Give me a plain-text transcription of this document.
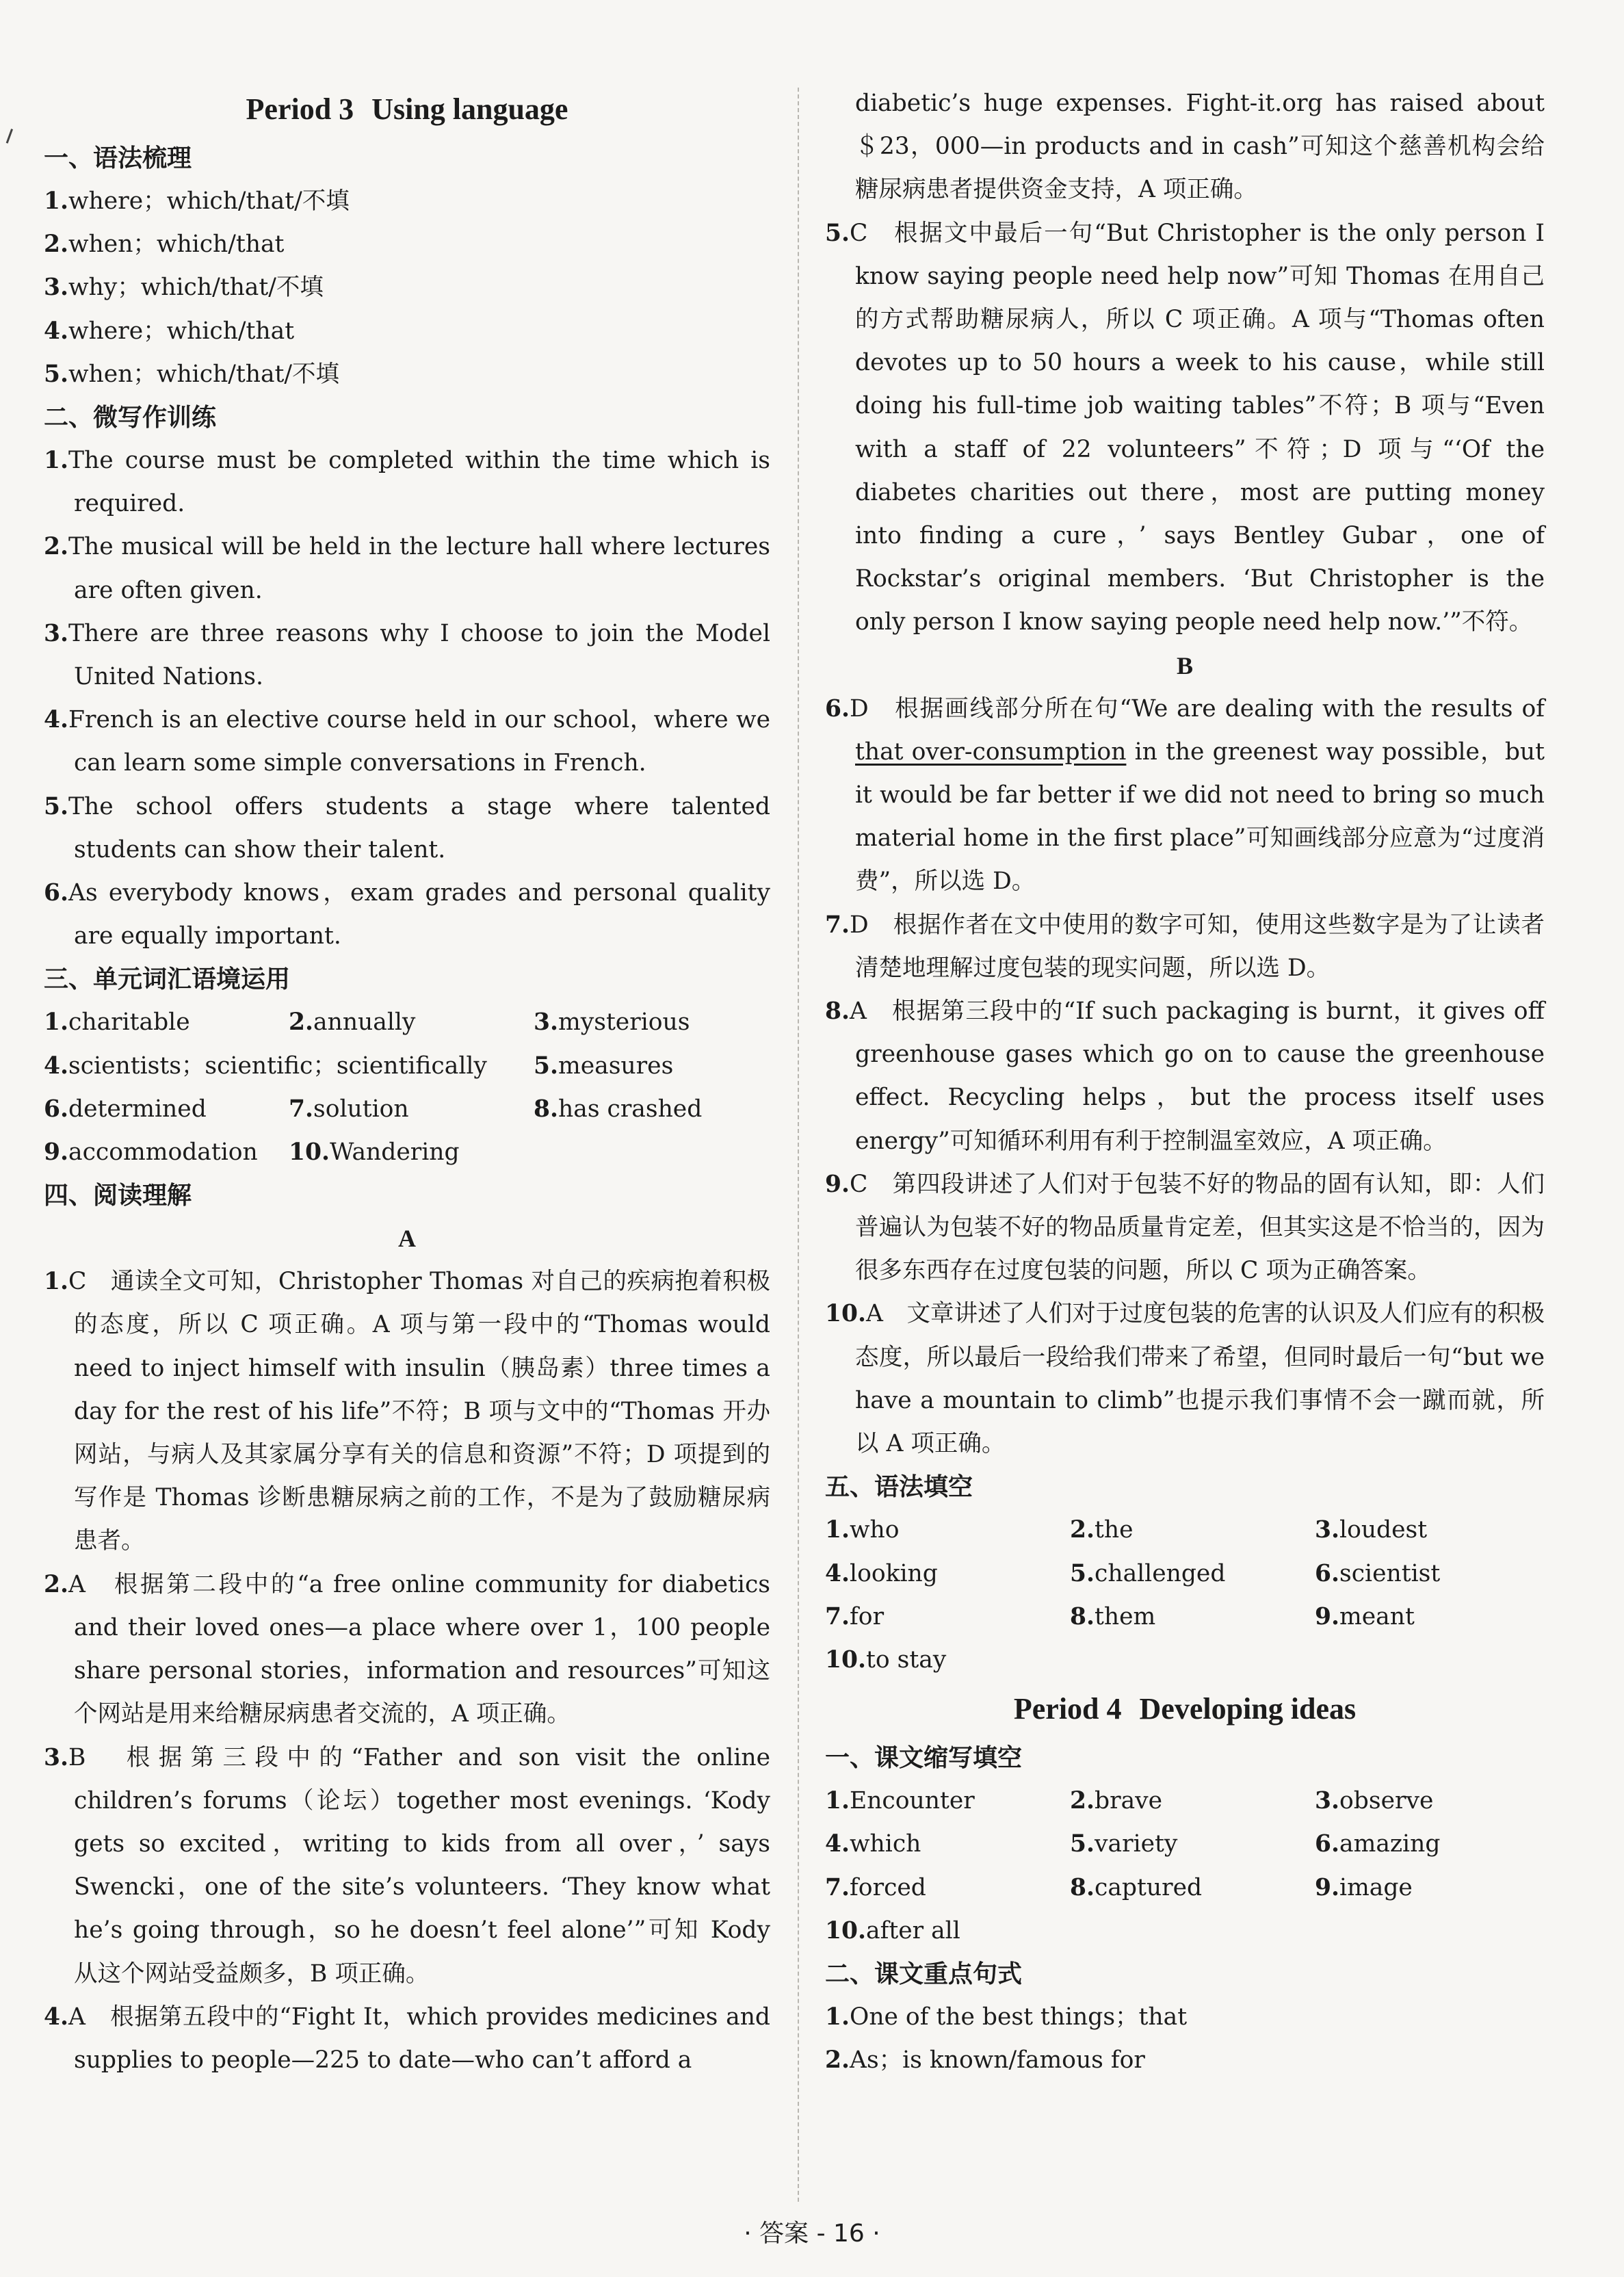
Period 3 Using language
一、语法梳理
1.where；which/that/不填
2.when；which/that
3.why；which/that/不填
4.where；which/that
5.when；which/that/不填
二、微写作训练
1.The course must be completed within the time which is required.
2.The musical will be held in the lecture hall where lectures are often given.
3.There are three reasons why I choose to join the Model United Nations.
4.French is an elective course held in our school，where we can learn some simple conversations in French.
5.The school offers students a stage where talented students can show their talent.
6.As everybody knows，exam grades and personal quality are equally important.
三、单元词汇语境运用
1.charitable	2.annually	3.mysterious
4.scientists；scientific；scientifically	5.measures
6.determined	7.solution	8.has crashed
9.accommodation	10.Wandering
四、阅读理解
A
1.C　通读全文可知，Christopher Thomas 对自己的疾病抱着积极的态度，所以 C 项正确。A 项与第一段中的“Thomas would need to inject himself with insulin（胰岛素）three times a day for the rest of his life”不符；B 项与文中的“Thomas 开办网站，与病人及其家属分享有关的信息和资源”不符；D 项提到的写作是 Thomas 诊断患糖尿病之前的工作，不是为了鼓励糖尿病患者。
2.A　根据第二段中的“a free online community for diabetics and their loved ones—a place where over 1，100 people share personal stories，information and resources”可知这个网站是用来给糖尿病患者交流的，A 项正确。
3.B　根据第三段中的“Father and son visit the online children’s forums（论坛）together most evenings. ‘Kody gets so excited，writing to kids from all over，’ says Swencki，one of the site’s volunteers. ‘They know what he’s going through，so he doesn’t feel alone’”可知 Kody 从这个网站受益颇多，B 项正确。
4.A　根据第五段中的“Fight It，which provides medicines and supplies to people—225 to date—who can’t afford a
diabetic’s huge expenses. Fight-it.org has raised about ＄23，000—in products and in cash”可知这个慈善机构会给糖尿病患者提供资金支持，A 项正确。
5.C　根据文中最后一句“But Christopher is the only person I know saying people need help now”可知 Thomas 在用自己的方式帮助糖尿病人，所以 C 项正确。A 项与“Thomas often devotes up to 50 hours a week to his cause，while still doing his full-time job waiting tables”不符；B 项与“Even with a staff of 22 volunteers”不符；D 项与“‘Of the diabetes charities out there，most are putting money into finding a cure，’ says Bentley Gubar，one of Rockstar’s original members. ‘But Christopher is the only person I know saying people need help now.’”不符。
B
6.D　根据画线部分所在句“We are dealing with the results of that over-consumption in the greenest way possible，but it would be far better if we did not need to bring so much material home in the first place”可知画线部分应意为“过度消费”，所以选 D。
7.D　根据作者在文中使用的数字可知，使用这些数字是为了让读者清楚地理解过度包装的现实问题，所以选 D。
8.A　根据第三段中的“If such packaging is burnt，it gives off greenhouse gases which go on to cause the greenhouse effect. Recycling helps，but the process itself uses energy”可知循环利用有利于控制温室效应，A 项正确。
9.C　第四段讲述了人们对于包装不好的物品的固有认知，即：人们普遍认为包装不好的物品质量肯定差，但其实这是不恰当的，因为很多东西存在过度包装的问题，所以 C 项为正确答案。
10.A　文章讲述了人们对于过度包装的危害的认识及人们应有的积极态度，所以最后一段给我们带来了希望，但同时最后一句“but we have a mountain to climb”也提示我们事情不会一蹴而就，所以 A 项正确。
五、语法填空
1.who	2.the	3.loudest
4.looking	5.challenged	6.scientist
7.for	8.them	9.meant
10.to stay
Period 4 Developing ideas
一、课文缩写填空
1.Encounter	2.brave	3.observe
4.which	5.variety	6.amazing
7.forced	8.captured	9.image
10.after all
二、课文重点句式
1.One of the best things；that
2.As；is known/famous for
· 答案 - 16 ·
